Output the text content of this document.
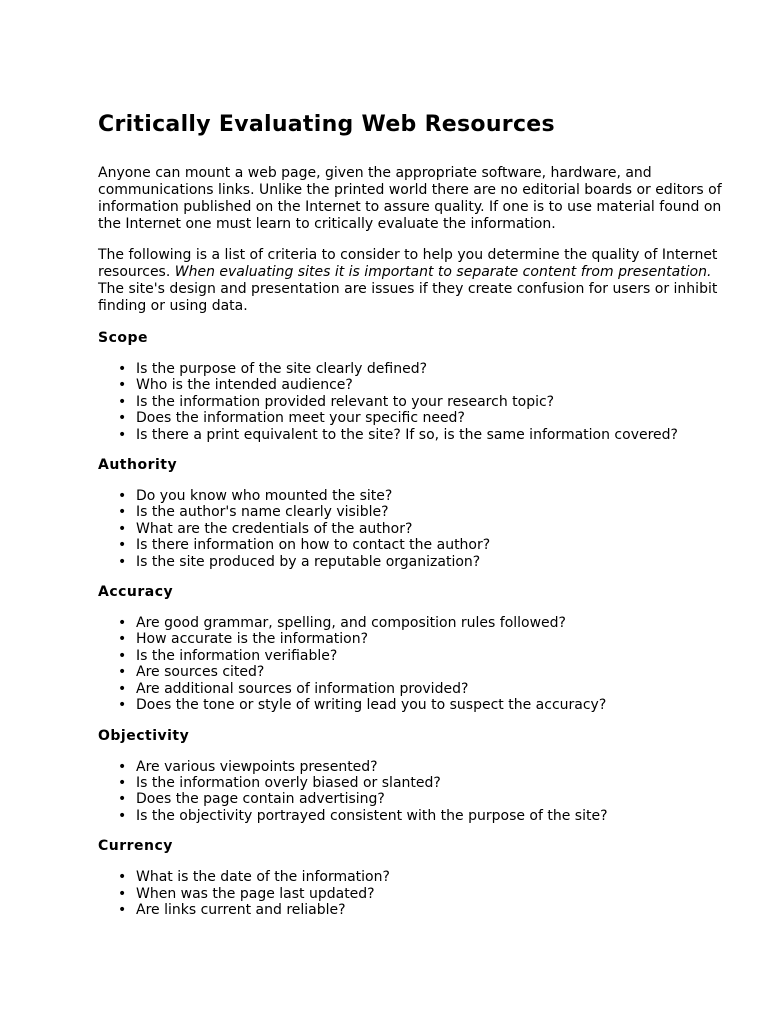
Critically Evaluating Web Resources

Anyone can mount a web page, given the appropriate software, hardware, and communications links. Unlike the printed world there are no editorial boards or editors of information published on the Internet to assure quality. If one is to use material found on the Internet one must learn to critically evaluate the information.

The following is a list of criteria to consider to help you determine the quality of Internet resources. When evaluating sites it is important to separate content from presentation. The site's design and presentation are issues if they create confusion for users or inhibit finding or using data.

Scope
• Is the purpose of the site clearly defined?
• Who is the intended audience?
• Is the information provided relevant to your research topic?
• Does the information meet your specific need?
• Is there a print equivalent to the site? If so, is the same information covered?
Authority
• Do you know who mounted the site?
• Is the author's name clearly visible?
• What are the credentials of the author?
• Is there information on how to contact the author?
• Is the site produced by a reputable organization?
Accuracy
• Are good grammar, spelling, and composition rules followed?
• How accurate is the information?
• Is the information verifiable?
• Are sources cited?
• Are additional sources of information provided?
• Does the tone or style of writing lead you to suspect the accuracy?
Objectivity
• Are various viewpoints presented?
• Is the information overly biased or slanted?
• Does the page contain advertising?
• Is the objectivity portrayed consistent with the purpose of the site?
Currency
• What is the date of the information?
• When was the page last updated?
• Are links current and reliable?
